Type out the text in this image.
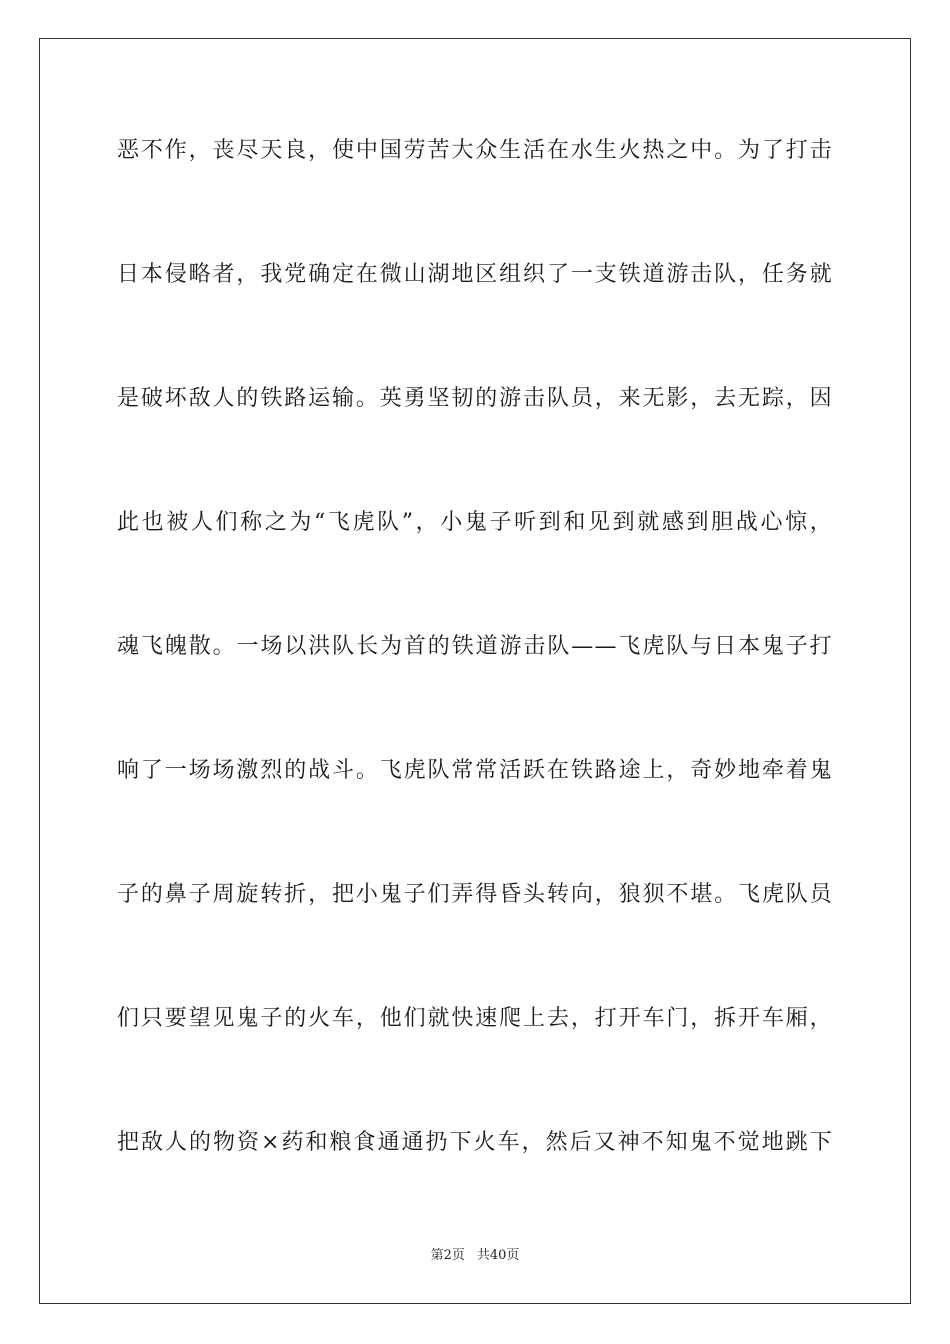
恶不作，丧尽天良，使中国劳苦大众生活在水生火热之中。为了打击
日本侵略者，我党确定在微山湖地区组织了一支铁道游击队，任务就
是破坏敌人的铁路运输。英勇坚韧的游击队员，来无影，去无踪，因
此也被人们称之为“飞虎队”，小鬼子听到和见到就感到胆战心惊，
魂飞魄散。一场以洪队长为首的铁道游击队——飞虎队与日本鬼子打
响了一场场激烈的战斗。飞虎队常常活跃在铁路途上，奇妙地牵着鬼
子的鼻子周旋转折，把小鬼子们弄得昏头转向，狼狈不堪。飞虎队员
们只要望见鬼子的火车，他们就快速爬上去，打开车门，拆开车厢，
把敌人的物资×药和粮食通通扔下火车，然后又神不知鬼不觉地跳下
第2页 共40页
